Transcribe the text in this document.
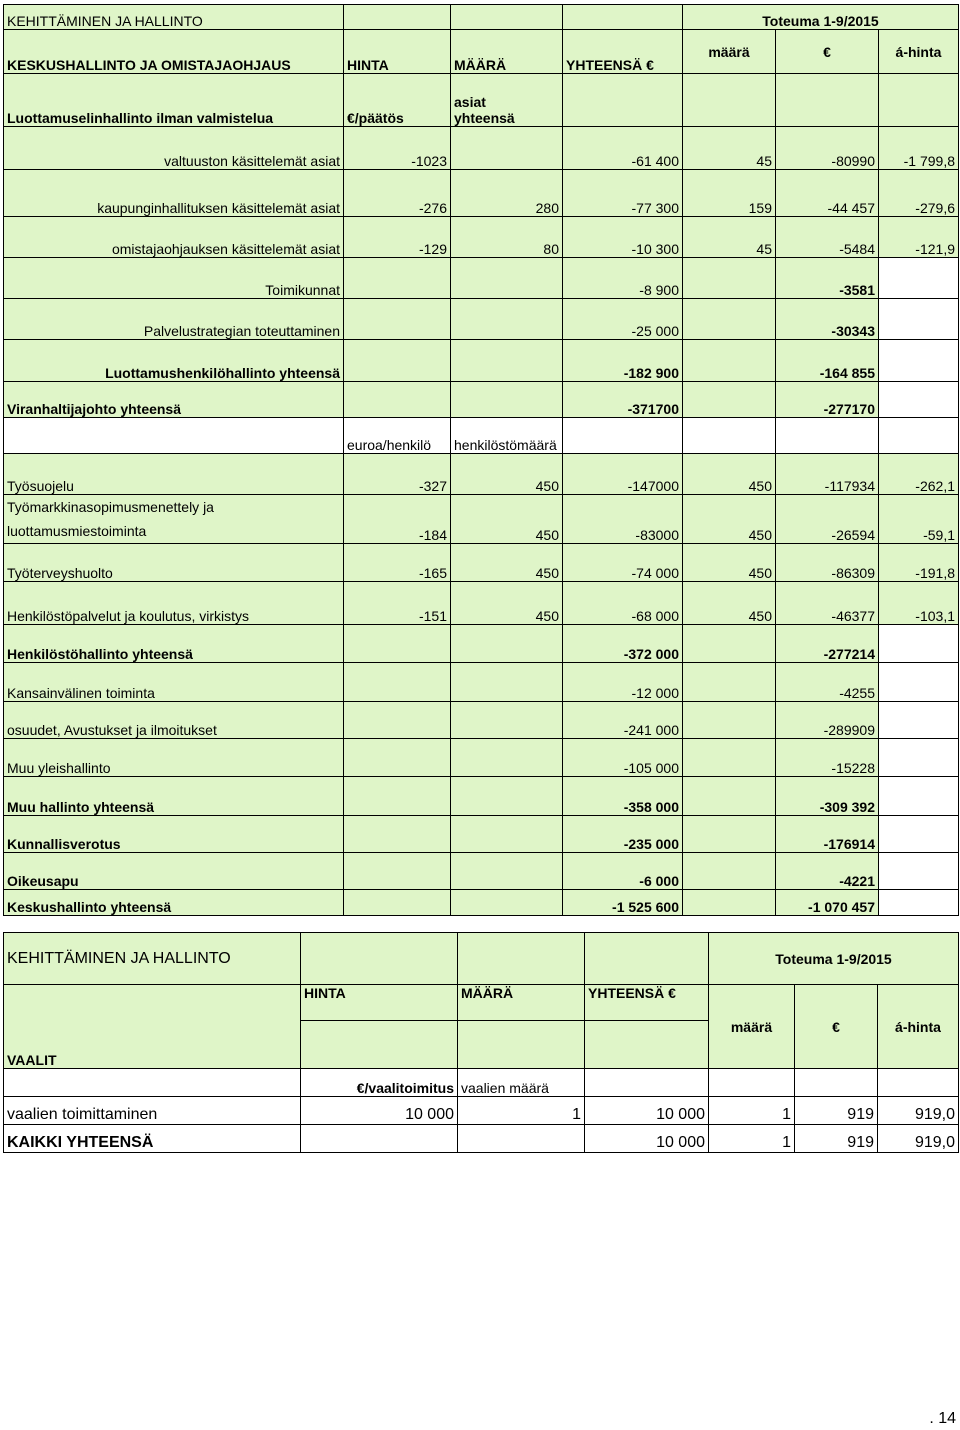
KEHITTÄMINEN JA HALLINTO				Toteuma 1-9/2015		
KESKUSHALLINTO JA OMISTAJAOHJAUS	HINTA	MÄÄRÄ	YHTEENSÄ €	määrä	€	á-hinta
Luottamuselinhallinto ilman valmistelua	€/päätös	asiat
yhteensä				
valtuuston käsittelemät asiat	-1023		-61 400	45	-80990	-1 799,8
kaupunginhallituksen käsittelemät asiat	-276	280	-77 300	159	-44 457	-279,6
omistajaohjauksen käsittelemät asiat	-129	80	-10 300	45	-5484	-121,9
Toimikunnat			-8 900		-3581	
Palvelustrategian toteuttaminen			-25 000		-30343	
Luottamushenkilöhallinto yhteensä			-182 900		-164 855	
Viranhaltijajohto yhteensä			-371700		-277170	
	euroa/henkilö	henkilöstömäärä				
Työsuojelu	-327	450	-147000	450	-117934	-262,1
Työmarkkinasopimusmenettely ja
luottamusmiestoiminta	-184	450	-83000	450	-26594	-59,1
Työterveyshuolto	-165	450	-74 000	450	-86309	-191,8
Henkilöstöpalvelut ja koulutus, virkistys	-151	450	-68 000	450	-46377	-103,1
Henkilöstöhallinto yhteensä			-372 000		-277214	
Kansainvälinen toiminta			-12 000		-4255	
osuudet, Avustukset ja ilmoitukset			-241 000		-289909	
Muu yleishallinto			-105 000		-15228	
Muu hallinto yhteensä			-358 000		-309 392	
Kunnallisverotus			-235 000		-176914	
Oikeusapu			-6 000		-4221	
Keskushallinto yhteensä			-1 525 600		-1 070 457	
KEHITTÄMINEN JA HALLINTO				Toteuma 1-9/2015		
	HINTA	MÄÄRÄ	YHTEENSÄ €	määrä	€	á-hinta
VAALIT						
	€/vaalitoimitus	vaalien määrä				
vaalien toimittaminen	10 000	1	10 000	1	919	919,0
KAIKKI YHTEENSÄ			10 000	1	919	919,0
. 14
